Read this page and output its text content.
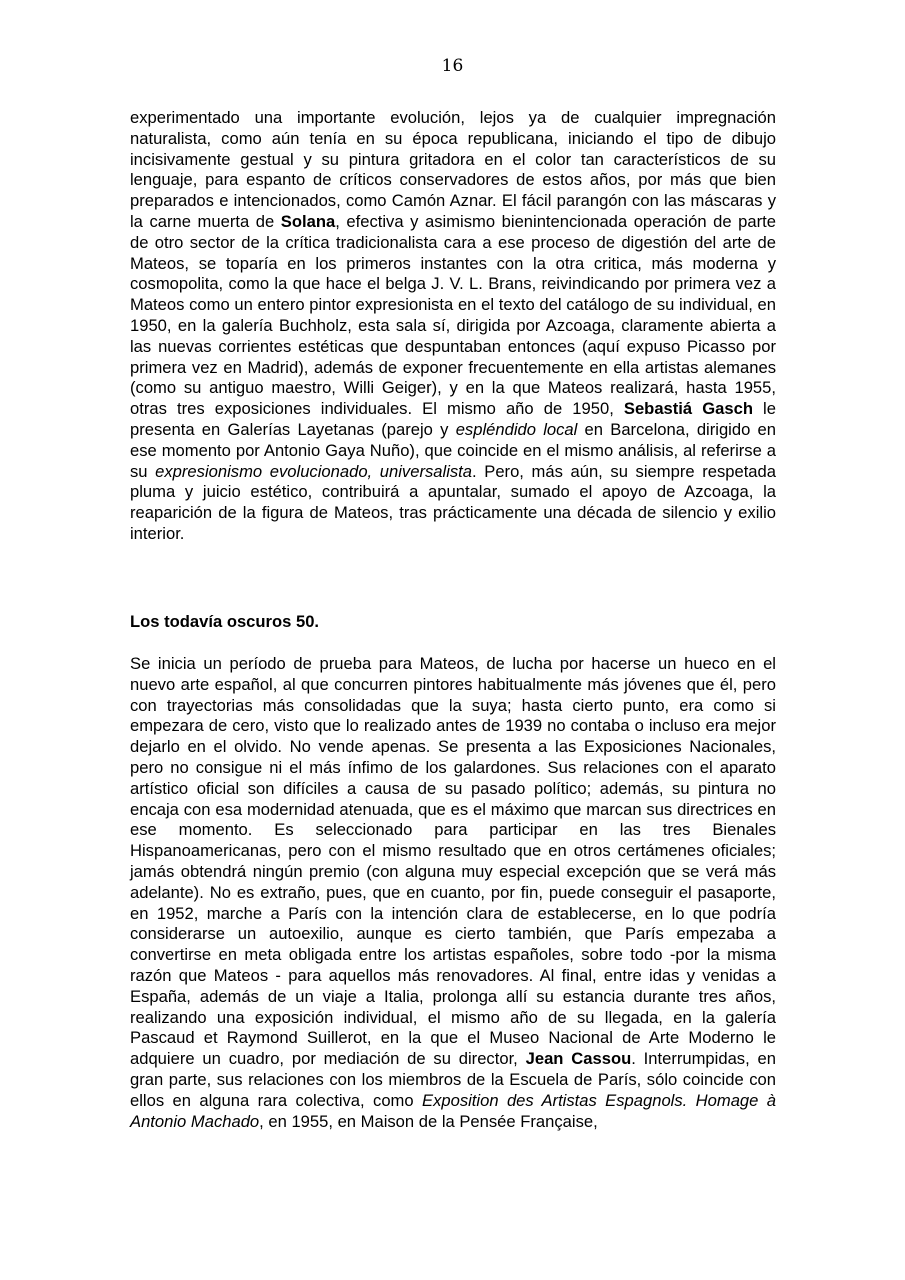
16

experimentado una importante evolución, lejos ya de cualquier impregnación naturalista, como aún tenía en su época republicana, iniciando el tipo de dibujo incisivamente gestual y su pintura gritadora en el color tan característicos de su lenguaje, para espanto de críticos conservadores de estos años, por más que bien preparados e intencionados, como Camón Aznar. El fácil parangón con las máscaras y la carne muerta de Solana, efectiva y asimismo bienintencionada operación de parte de otro sector de la crítica tradicionalista cara a ese proceso de digestión del arte de Mateos, se toparía en los primeros instantes con la otra critica, más moderna y cosmopolita, como la que hace el belga J. V. L. Brans, reivindicando por primera vez a Mateos como un entero pintor expresionista en el texto del catálogo de su individual, en 1950, en la galería Buchholz, esta sala sí, dirigida por Azcoaga, claramente abierta a las nuevas corrientes estéticas que despuntaban entonces (aquí expuso Picasso por primera vez en Madrid), además de exponer frecuentemente en ella artistas alemanes (como su antiguo maestro, Willi Geiger), y en la que Mateos realizará, hasta 1955, otras tres exposiciones individuales. El mismo año de 1950, Sebastiá Gasch le presenta en Galerías Layetanas (parejo y espléndido local en Barcelona, dirigido en ese momento por Antonio Gaya Nuño), que coincide en el mismo análisis, al referirse a su expresionismo evolucionado, universalista. Pero, más aún, su siempre respetada pluma y juicio estético, contribuirá a apuntalar, sumado el apoyo de Azcoaga, la reaparición de la figura de Mateos, tras prácticamente una década de silencio y exilio interior.

Los todavía oscuros 50.

Se inicia un período de prueba para Mateos, de lucha por hacerse un hueco en el nuevo arte español, al que concurren pintores habitualmente más jóvenes que él, pero con trayectorias más consolidadas que la suya; hasta cierto punto, era como si empezara de cero, visto que lo realizado antes de 1939 no contaba o incluso era mejor dejarlo en el olvido. No vende apenas. Se presenta a las Exposiciones Nacionales, pero no consigue ni el más ínfimo de los galardones. Sus relaciones con el aparato artístico oficial son difíciles a causa de su pasado político; además, su pintura no encaja con esa modernidad atenuada, que es el máximo que marcan sus directrices en ese momento. Es seleccionado para participar en las tres Bienales Hispanoamericanas, pero con el mismo resultado que en otros certámenes oficiales; jamás obtendrá ningún premio (con alguna muy especial excepción que se verá más adelante). No es extraño, pues, que en cuanto, por fin, puede conseguir el pasaporte, en 1952, marche a París con la intención clara de establecerse, en lo que podría considerarse un autoexilio, aunque es cierto también, que París empezaba a convertirse en meta obligada entre los artistas españoles, sobre todo -por la misma razón que Mateos - para aquellos más renovadores. Al final, entre idas y venidas a España, además de un viaje a Italia, prolonga allí su estancia durante tres años, realizando una exposición individual, el mismo año de su llegada, en la galería Pascaud et Raymond Suillerot, en la que el Museo Nacional de Arte Moderno le adquiere un cuadro, por mediación de su director, Jean Cassou. Interrumpidas, en gran parte, sus relaciones con los miembros de la Escuela de París, sólo coincide con ellos en alguna rara colectiva, como Exposition des Artistas Espagnols. Homage à Antonio Machado, en 1955, en Maison de la Pensée Française,
